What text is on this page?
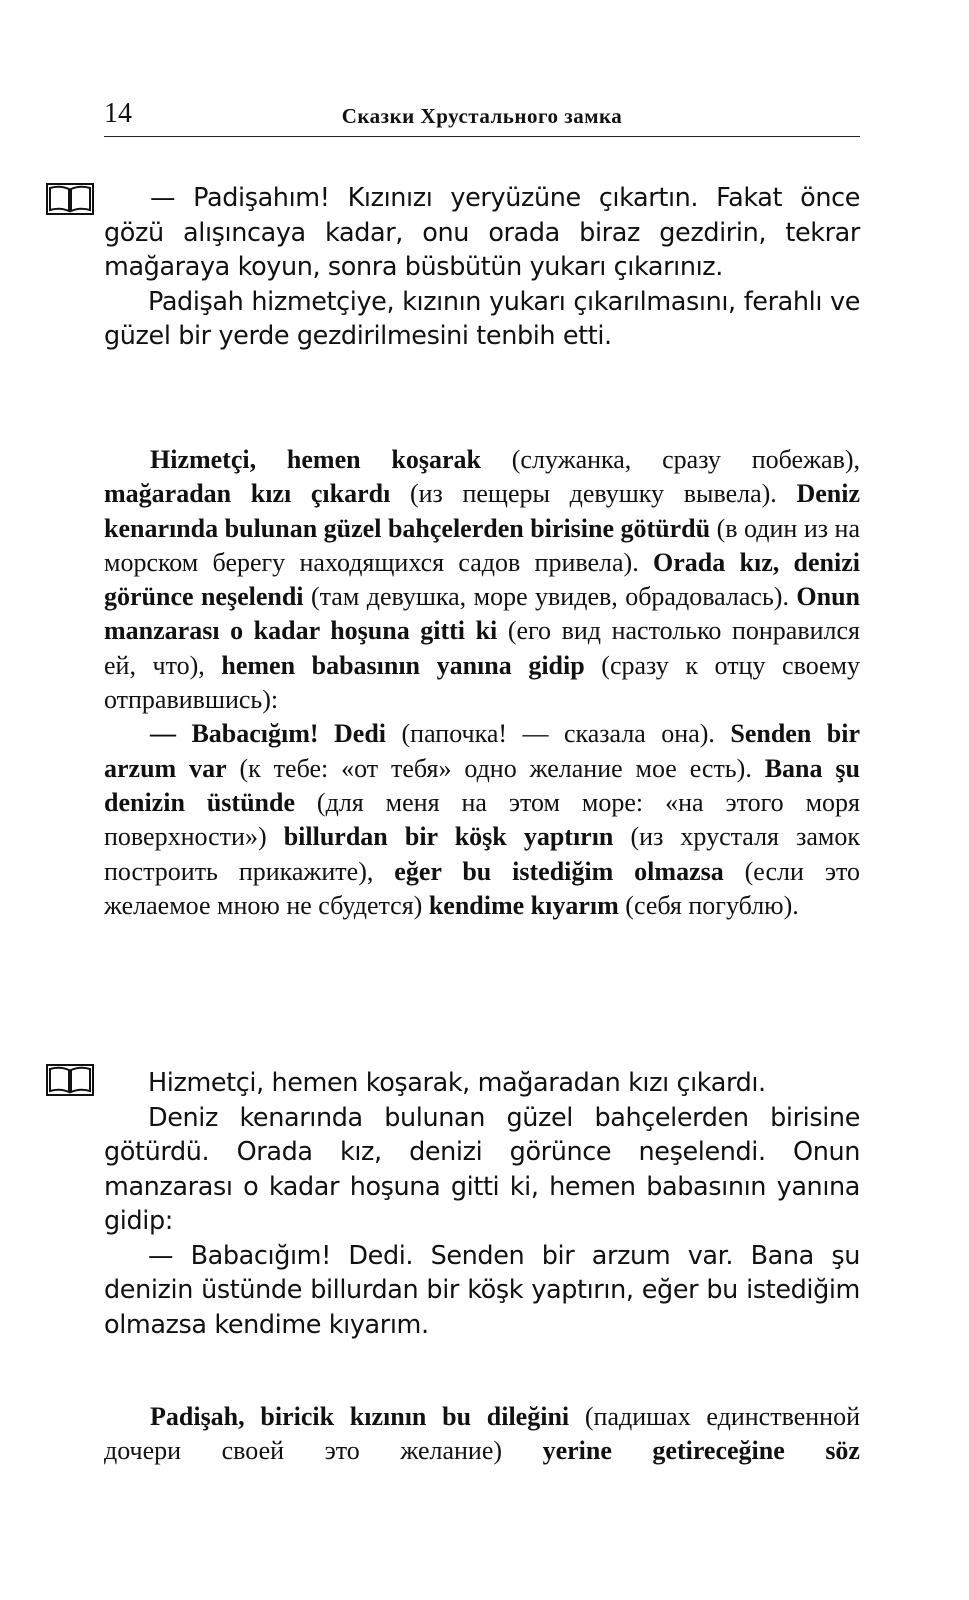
14	Сказки Хрустального замка

— Padişahım! Kızınızı yeryüzüne çıkartın. Fakat önce gözü alışıncaya kadar, onu orada biraz gezdirin, tekrar mağaraya koyun, sonra büsbütün yukarı çıkarınız.

Padişah hizmetçiye, kızının yukarı çıkarılmasını, ferahlı ve güzel bir yerde gezdirilmesini tenbih etti.

Hizmetçi, hemen koşarak (служанка, сразу побежав), mağaradan kızı çıkardı (из пещеры девушку вывела). Deniz kenarında bulunan güzel bahçelerden birisine götürdü (в один из на морском берегу находящихся садов привела). Orada kız, denizi görünce neşelendi (там девушка, море увидев, обрадовалась). Onun manzarası o kadar hoşuna gitti ki (его вид настолько понравился ей, что), hemen babasının yanına gidip (сразу к отцу своему отправившись):

— Babacığım! Dedi (папочка! — сказала она). Senden bir arzum var (к тебе: «от тебя» одно желание мое есть). Bana şu denizin üstünde (для меня на этом море: «на этого моря поверхности») billurdan bir köşk yaptırın (из хрусталя замок построить прикажите), eğer bu istediğim olmazsa (если это желаемое мною не сбудется) kendime kıyarım (себя погублю).

Hizmetçi, hemen koşarak, mağaradan kızı çıkardı.

Deniz kenarında bulunan güzel bahçelerden birisine götürdü. Orada kız, denizi görünce neşelendi. Onun manzarası o kadar hoşuna gitti ki, hemen babasının yanına gidip:

— Babacığım! Dedi. Senden bir arzum var. Bana şu denizin üstünde billurdan bir köşk yaptırın, eğer bu istediğim olmazsa kendime kıyarım.

Padişah, biricik kızının bu dileğini (падишах единственной дочери своей это желание) yerine getireceğine söz
